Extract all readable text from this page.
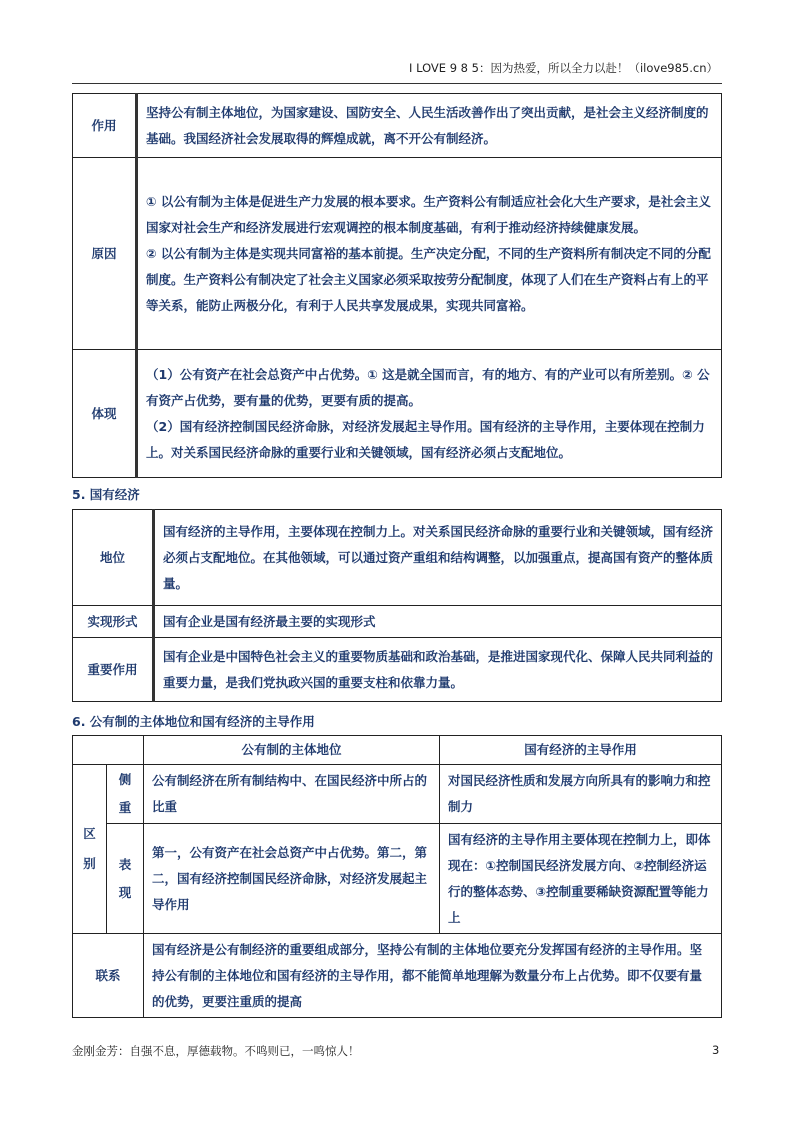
I LOVE 9 8 5：因为热爱，所以全力以赴！（ilove985.cn）
作用	坚持公有制主体地位，为国家建设、国防安全、人民生活改善作出了突出贡献，是社会主义经济制度的基础。我国经济社会发展取得的辉煌成就，离不开公有制经济。

原因	① 以公有制为主体是促进生产力发展的根本要求。生产资料公有制适应社会化大生产要求，是社会主义国家对社会生产和经济发展进行宏观调控的根本制度基础，有利于推动经济持续健康发展。

② 以公有制为主体是实现共同富裕的基本前提。生产决定分配，不同的生产资料所有制决定不同的分配制度。生产资料公有制决定了社会主义国家必须采取按劳分配制度，体现了人们在生产资料占有上的平等关系，能防止两极分化，有利于人民共享发展成果，实现共同富裕。

体现	（1）公有资产在社会总资产中占优势。① 这是就全国而言，有的地方、有的产业可以有所差别。② 公有资产占优势，要有量的优势，更要有质的提高。

（2）国有经济控制国民经济命脉，对经济发展起主导作用。国有经济的主导作用，主要体现在控制力上。对关系国民经济命脉的重要行业和关键领域，国有经济必须占支配地位。

5. 国有经济
地位	国有经济的主导作用，主要体现在控制力上。对关系国民经济命脉的重要行业和关键领域，国有经济必须占支配地位。在其他领域，可以通过资产重组和结构调整，以加强重点，提高国有资产的整体质量。
实现形式	国有企业是国有经济最主要的实现形式
重要作用	国有企业是中国特色社会主义的重要物质基础和政治基础，是推进国家现代化、保障人民共同利益的重要力量，是我们党执政兴国的重要支柱和依靠力量。
6. 公有制的主体地位和国有经济的主导作用
		公有制的主体地位	国有经济的主导作用

区别	侧重	公有制经济在所有制结构中、在国民经济中所占的比重	对国民经济性质和发展方向所具有的影响力和控制力

	表现	第一，公有资产在社会总资产中占优势。第二，第二，国有经济控制国民经济命脉，对经济发展起主导作用	国有经济的主导作用主要体现在控制力上，即体现在：①控制国民经济发展方向、②控制经济运行的整体态势、③控制重要稀缺资源配置等能力上
联系		国有经济是公有制经济的重要组成部分，坚持公有制的主体地位要充分发挥国有经济的主导作用。坚持公有制的主体地位和国有经济的主导作用，都不能简单地理解为数量分布上占优势。即不仅要有量的优势，更要注重质的提高	
金刚金芳：自强不息，厚德载物。不鸣则已，一鸣惊人！	3
